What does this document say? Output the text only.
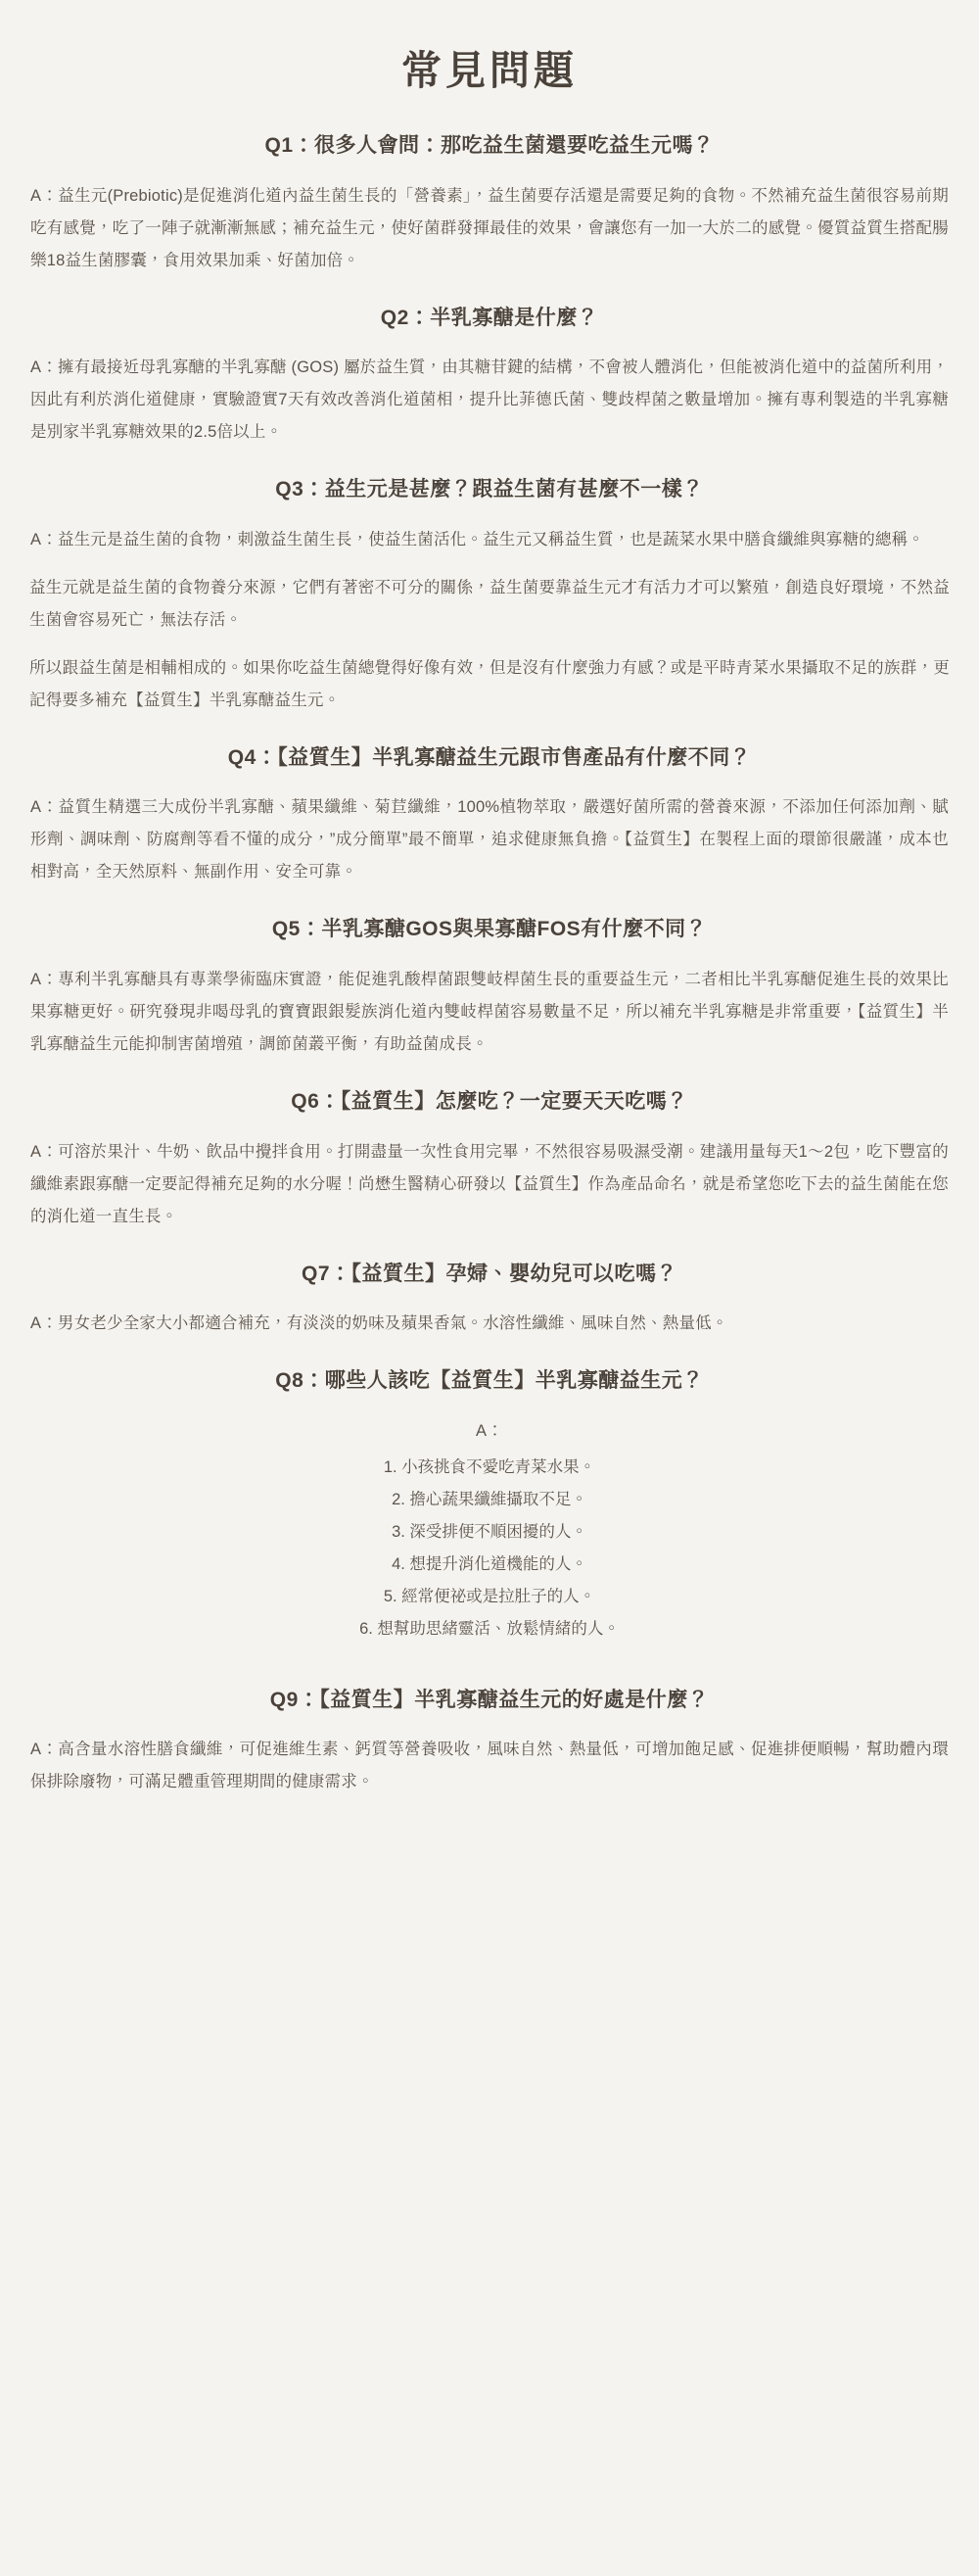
常見問題
Q1：很多人會問：那吃益生菌還要吃益生元嗎？

A：益生元(Prebiotic)是促進消化道內益生菌生長的「營養素」，益生菌要存活還是需要足夠的食物。不然補充益生菌很容易前期吃有感覺，吃了一陣子就漸漸無感；補充益生元，使好菌群發揮最佳的效果，會讓您有一加一大於二的感覺。優質益質生搭配腸樂18益生菌膠囊，食用效果加乘、好菌加倍。

Q2：半乳寡醣是什麼？

A：擁有最接近母乳寡醣的半乳寡醣 (GOS) 屬於益生質，由其糖苷鍵的結構，不會被人體消化，但能被消化道中的益菌所利用，因此有利於消化道健康，實驗證實7天有效改善消化道菌相，提升比菲德氏菌、雙歧桿菌之數量增加。擁有專利製造的半乳寡糖是別家半乳寡糖效果的2.5倍以上。

Q3：益生元是甚麼？跟益生菌有甚麼不一樣？

A：益生元是益生菌的食物，刺激益生菌生長，使益生菌活化。益生元又稱益生質，也是蔬菜水果中膳食纖維與寡糖的總稱。

益生元就是益生菌的食物養分來源，它們有著密不可分的關係，益生菌要靠益生元才有活力才可以繁殖，創造良好環境，不然益生菌會容易死亡，無法存活。

所以跟益生菌是相輔相成的。如果你吃益生菌總覺得好像有效，但是沒有什麼強力有感？或是平時青菜水果攝取不足的族群，更記得要多補充【益質生】半乳寡醣益生元。

Q4：【益質生】半乳寡醣益生元跟市售產品有什麼不同？

A：益質生精選三大成份半乳寡醣、蘋果纖維、菊苣纖維，100%植物萃取，嚴選好菌所需的營養來源，不添加任何添加劑、賦形劑、調味劑、防腐劑等看不懂的成分，”成分簡單”最不簡單，追求健康無負擔。【益質生】在製程上面的環節很嚴謹，成本也相對高，全天然原料、無副作用、安全可靠。

Q5：半乳寡醣GOS與果寡醣FOS有什麼不同？

A：專利半乳寡醣具有專業學術臨床實證，能促進乳酸桿菌跟雙岐桿菌生長的重要益生元，二者相比半乳寡醣促進生長的效果比果寡糖更好。研究發現非喝母乳的寶寶跟銀髮族消化道內雙岐桿菌容易數量不足，所以補充半乳寡糖是非常重要，【益質生】半乳寡醣益生元能抑制害菌增殖，調節菌叢平衡，有助益菌成長。

Q6：【益質生】怎麼吃？一定要天天吃嗎？

A：可溶於果汁、牛奶、飲品中攪拌食用。打開盡量一次性食用完畢，不然很容易吸濕受潮。建議用量每天1～2包，吃下豐富的纖維素跟寡醣一定要記得補充足夠的水分喔！尚懋生醫精心研發以【益質生】作為產品命名，就是希望您吃下去的益生菌能在您的消化道一直生長。

Q7：【益質生】孕婦、嬰幼兒可以吃嗎？

A：男女老少全家大小都適合補充，有淡淡的奶味及蘋果香氣。水溶性纖維、風味自然、熱量低。

Q8：哪些人該吃【益質生】半乳寡醣益生元？

A：

小孩挑食不愛吃青菜水果。
擔心蔬果纖維攝取不足。
深受排便不順困擾的人。
想提升消化道機能的人。
經常便祕或是拉肚子的人。
想幫助思緒靈活、放鬆情緒的人。
Q9：【益質生】半乳寡醣益生元的好處是什麼？

A：高含量水溶性膳食纖維，可促進維生素、鈣質等營養吸收，風味自然、熱量低，可增加飽足感、促進排便順暢，幫助體內環保排除廢物，可滿足體重管理期間的健康需求。
